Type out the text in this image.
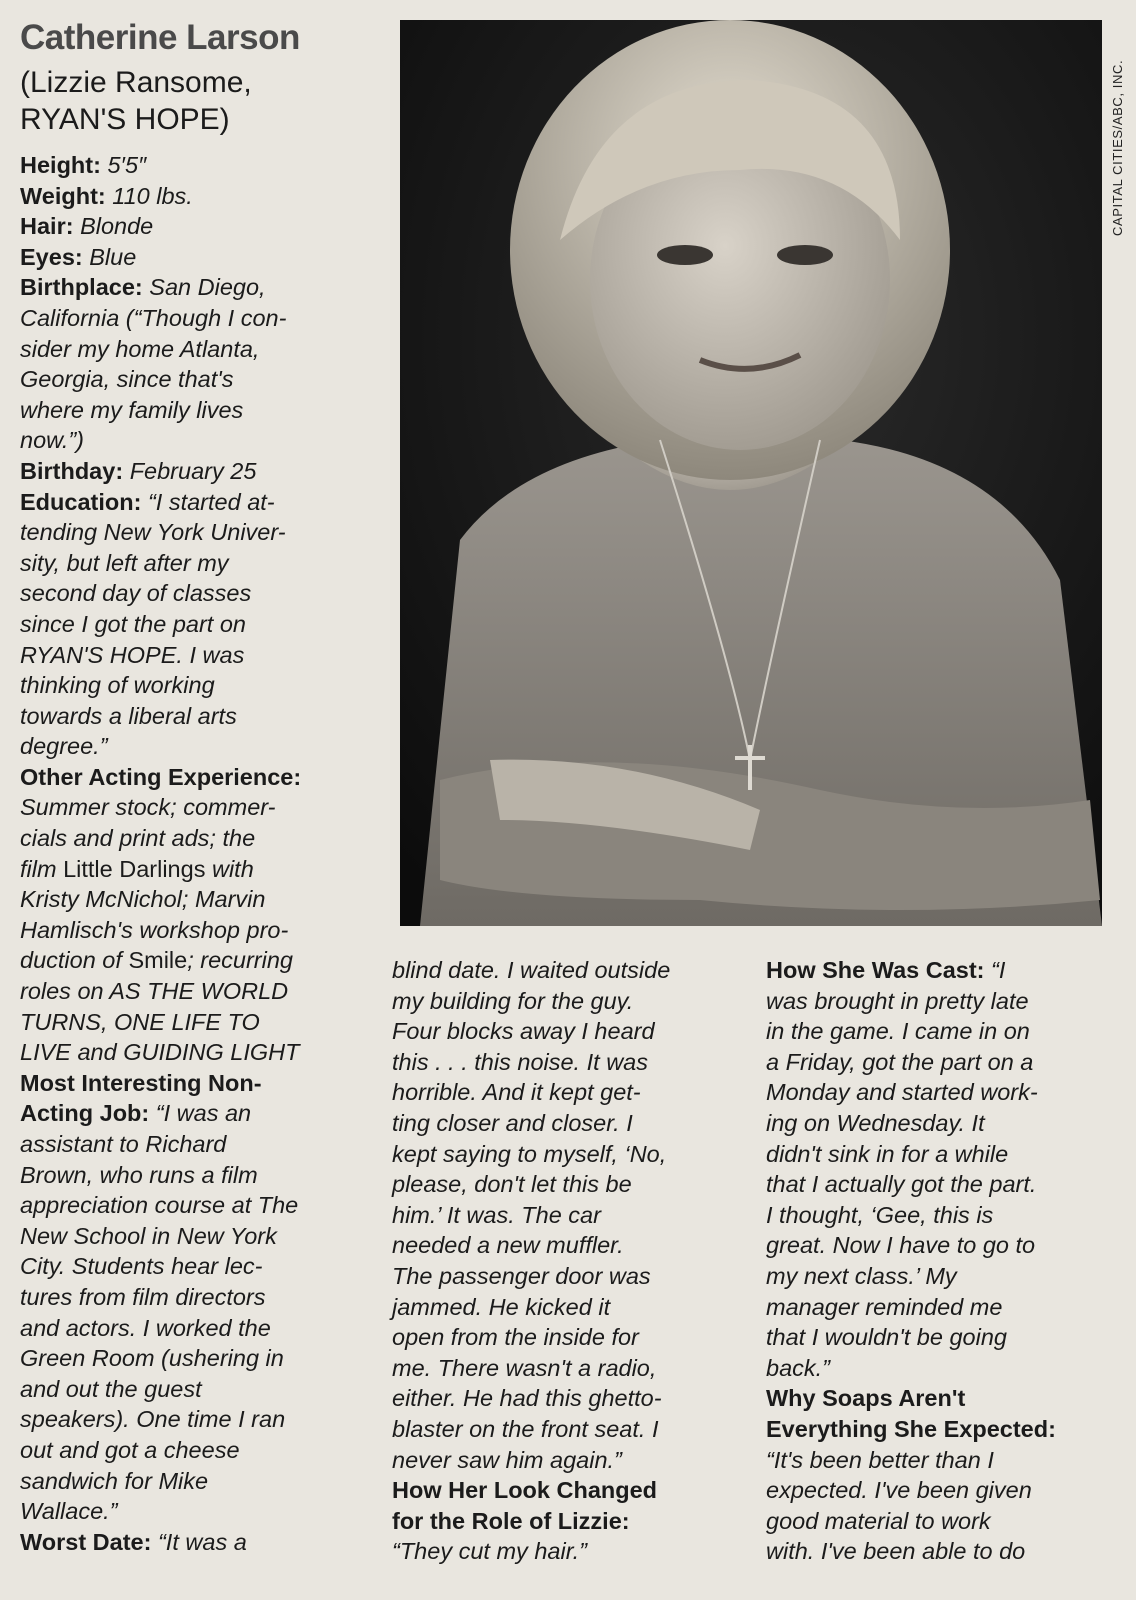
Catherine Larson
(Lizzie Ransome,
RYAN'S HOPE)
Height: 5′5″
Weight: 110 lbs.
Hair: Blonde
Eyes: Blue
Birthplace: San Diego,
California (“Though I con-
sider my home Atlanta,
Georgia, since that's
where my family lives
now.”)
Birthday: February 25
Education: “I started at-
tending New York Univer-
sity, but left after my
second day of classes
since I got the part on
RYAN'S HOPE. I was
thinking of working
towards a liberal arts
degree.”
Other Acting Experience:
Summer stock; commer-
cials and print ads; the
film Little Darlings with
Kristy McNichol; Marvin
Hamlisch's workshop pro-
duction of Smile; recurring
roles on AS THE WORLD
TURNS, ONE LIFE TO
LIVE and GUIDING LIGHT
Most Interesting Non-
Acting Job: “I was an
assistant to Richard
Brown, who runs a film
appreciation course at The
New School in New York
City. Students hear lec-
tures from film directors
and actors. I worked the
Green Room (ushering in
and out the guest
speakers). One time I ran
out and got a cheese
sandwich for Mike
Wallace.”
Worst Date: “It was a
CAPITAL CITIES/ABC, INC.
blind date. I waited outside
my building for the guy.
Four blocks away I heard
this . . . this noise. It was
horrible. And it kept get-
ting closer and closer. I
kept saying to myself, ‘No,
please, don't let this be
him.’ It was. The car
needed a new muffler.
The passenger door was
jammed. He kicked it
open from the inside for
me. There wasn't a radio,
either. He had this ghetto-
blaster on the front seat. I
never saw him again.”
How Her Look Changed
for the Role of Lizzie:
“They cut my hair.”
How She Was Cast: “I
was brought in pretty late
in the game. I came in on
a Friday, got the part on a
Monday and started work-
ing on Wednesday. It
didn't sink in for a while
that I actually got the part.
I thought, ‘Gee, this is
great. Now I have to go to
my next class.’ My
manager reminded me
that I wouldn't be going
back.”
Why Soaps Aren't
Everything She Expected:
“It's been better than I
expected. I've been given
good material to work
with. I've been able to do
